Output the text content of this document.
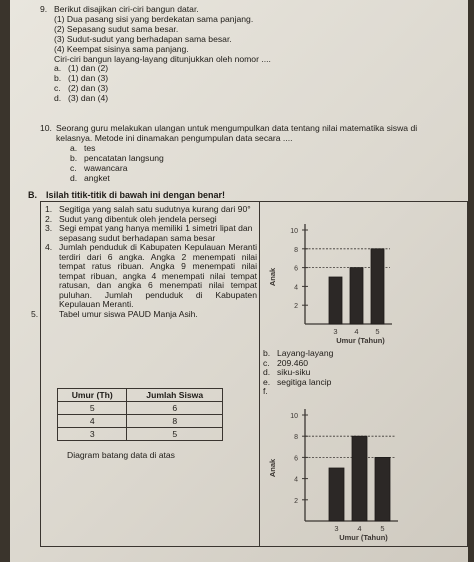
9. Berikut disajikan ciri-ciri bangun datar.
(1) Dua pasang sisi yang berdekatan sama panjang.
(2) Sepasang sudut sama besar.
(3) Sudut-sudut yang berhadapan sama besar.
(4) Keempat sisinya sama panjang.
Ciri-ciri bangun layang-layang ditunjukkan oleh nomor ....
a. (1) dan (2)
b. (1) dan (3)
c. (2) dan (3)
d. (3) dan (4)
10. Seorang guru melakukan ulangan untuk mengumpulkan data tentang nilai matematika siswa di kelasnya. Metode ini dinamakan pengumpulan data secara ....
a. tes
b. pencatatan langsung
c. wawancara
d. angket
B.	Isilah titik-titik di bawah ini dengan benar!
1. Segitiga yang salah satu sudutnya kurang dari 90°
2. Sudut yang dibentuk oleh jendela persegi
3. Segi empat yang hanya memiliki 1 simetri lipat dan sepasang sudut berhadapan sama besar
4. Jumlah penduduk di Kabupaten Kepulauan Meranti terdiri dari 6 angka. Angka 2 menempati nilai tempat ratus ribuan. Angka 9 menempati nilai tempat ribuan, angka 4 menempati nilai tempat ratusan, dan angka 6 menempati nilai tempat puluhan. Jumlah penduduk di Kabupaten Kepulauan Meranti.
5.	Tabel umur siswa PAUD Manja Asih.
Umur (Th)	Jumlah Siswa
5	6
4	8
3	5
Diagram batang data di atas
2
4
6
8
10
3 4 5
Umur (Tahun)
Anak
b. Layang-layang
c. 209.460
d. siku-siku
e. segitiga lancip
f.
2
4
6
8
10
3	4	5
Umur (Tahun)
Anak
